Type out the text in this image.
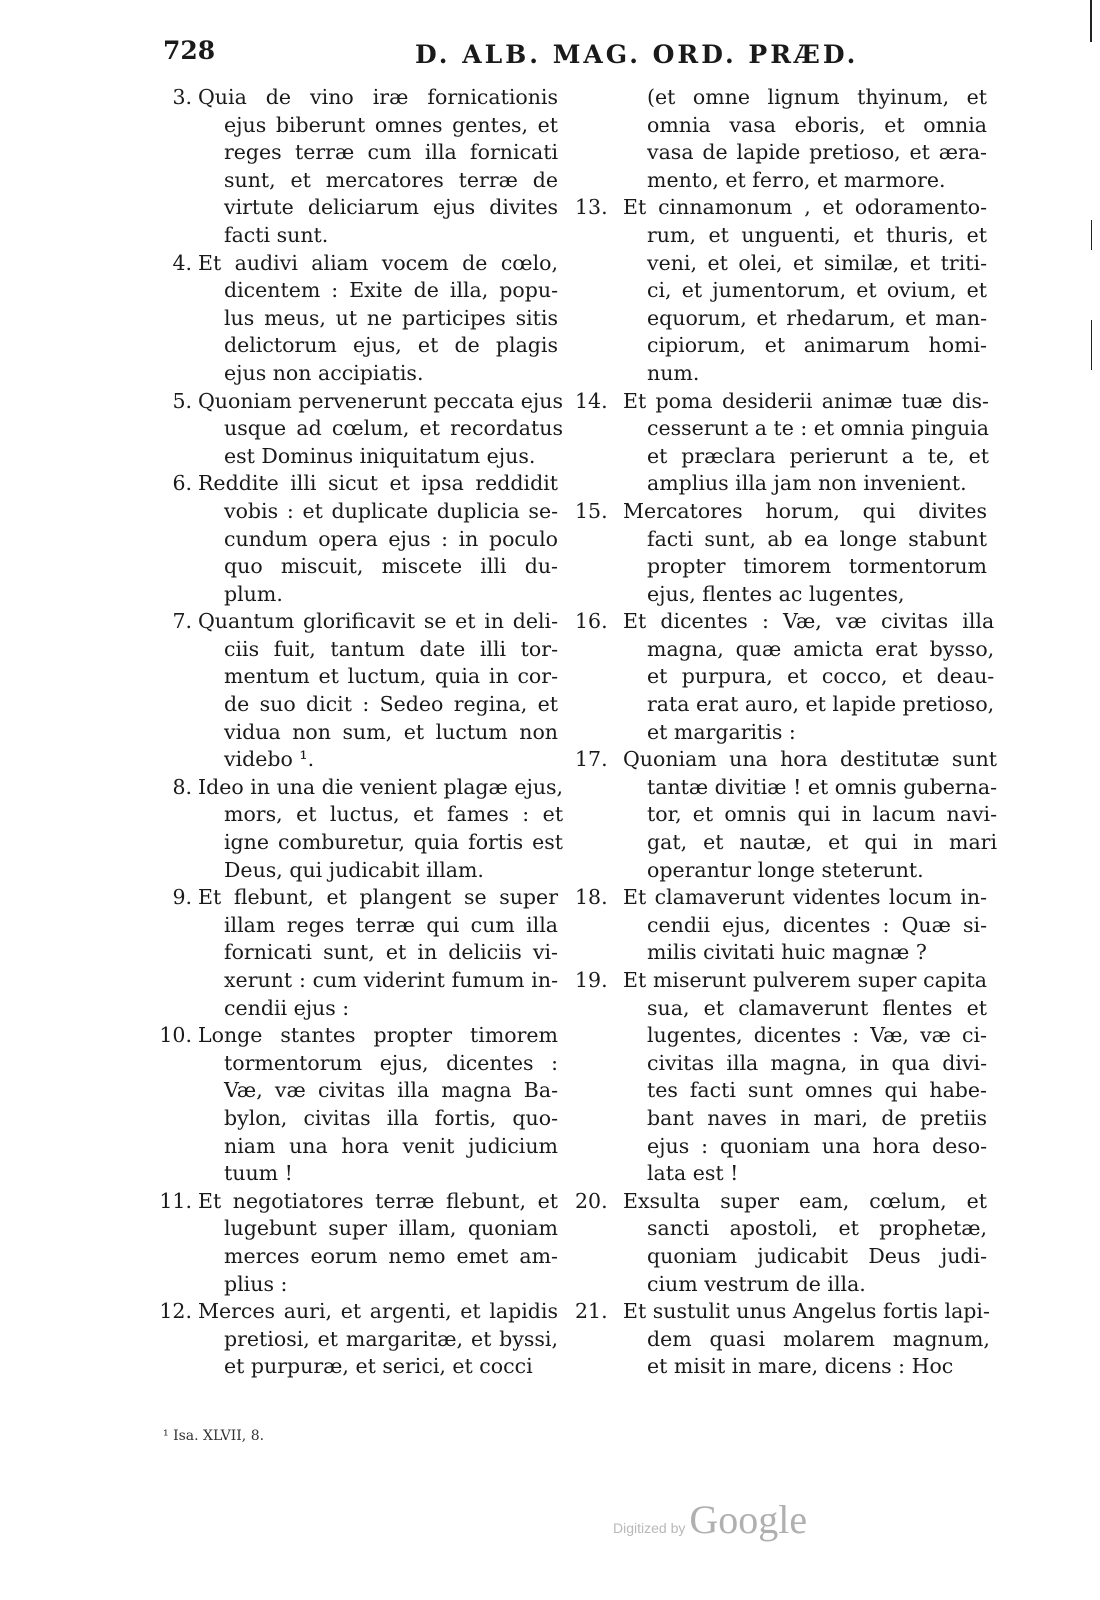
728	D. ALB. MAG. ORD. PRÆD.
3. Quia de vino iræ fornicationis
ejus biberunt omnes gentes, et
reges terræ cum illa fornicati
sunt, et mercatores terræ de
virtute deliciarum ejus divites
facti sunt.
4. Et audivi aliam vocem de cœlo,
dicentem : Exite de illa, popu-
lus meus, ut ne participes sitis
delictorum ejus, et de plagis
ejus non accipiatis.
5. Quoniam pervenerunt peccata ejus
usque ad cœlum, et recordatus
est Dominus iniquitatum ejus.
6. Reddite illi sicut et ipsa reddidit
vobis : et duplicate duplicia se-
cundum opera ejus : in poculo
quo miscuit, miscete illi du-
plum.
7. Quantum glorificavit se et in deli-
ciis fuit, tantum date illi tor-
mentum et luctum, quia in cor-
de suo dicit : Sedeo regina, et
vidua non sum, et luctum non
videbo ¹.
8. Ideo in una die venient plagæ ejus,
mors, et luctus, et fames : et
igne comburetur, quia fortis est
Deus, qui judicabit illam.
9. Et flebunt, et plangent se super
illam reges terræ qui cum illa
fornicati sunt, et in deliciis vi-
xerunt : cum viderint fumum in-
cendii ejus :
10. Longe stantes propter timorem
tormentorum ejus, dicentes :
Væ, væ civitas illa magna Ba-
bylon, civitas illa fortis, quo-
niam una hora venit judicium
tuum !
11. Et negotiatores terræ flebunt, et
lugebunt super illam, quoniam
merces eorum nemo emet am-
plius :
12. Merces auri, et argenti, et lapidis
pretiosi, et margaritæ, et byssi,
et purpuræ, et serici, et cocci
(et omne lignum thyinum, et
omnia vasa eboris, et omnia
vasa de lapide pretioso, et æra-
mento, et ferro, et marmore.
13. Et cinnamonum , et odoramento-
rum, et unguenti, et thuris, et
veni, et olei, et similæ, et triti-
ci, et jumentorum, et ovium, et
equorum, et rhedarum, et man-
cipiorum, et animarum homi-
num.
14. Et poma desiderii animæ tuæ dis-
cesserunt a te : et omnia pinguia
et præclara perierunt a te, et
amplius illa jam non invenient.
15. Mercatores horum, qui divites
facti sunt, ab ea longe stabunt
propter timorem tormentorum
ejus, flentes ac lugentes,
16. Et dicentes : Væ, væ civitas illa
magna, quæ amicta erat bysso,
et purpura, et cocco, et deau-
rata erat auro, et lapide pretioso,
et margaritis :
17. Quoniam una hora destitutæ sunt
tantæ divitiæ ! et omnis guberna-
tor, et omnis qui in lacum navi-
gat, et nautæ, et qui in mari
operantur longe steterunt.
18. Et clamaverunt videntes locum in-
cendii ejus, dicentes : Quæ si-
milis civitati huic magnæ ?
19. Et miserunt pulverem super capita
sua, et clamaverunt flentes et
lugentes, dicentes : Væ, væ ci-
civitas illa magna, in qua divi-
tes facti sunt omnes qui habe-
bant naves in mari, de pretiis
ejus : quoniam una hora deso-
lata est !
20. Exsulta super eam, cœlum, et
sancti apostoli, et prophetæ,
quoniam judicabit Deus judi-
cium vestrum de illa.
21. Et sustulit unus Angelus fortis lapi-
dem quasi molarem magnum,
et misit in mare, dicens : Hoc
¹ Isa. XLVII, 8.
Digitized by Google
